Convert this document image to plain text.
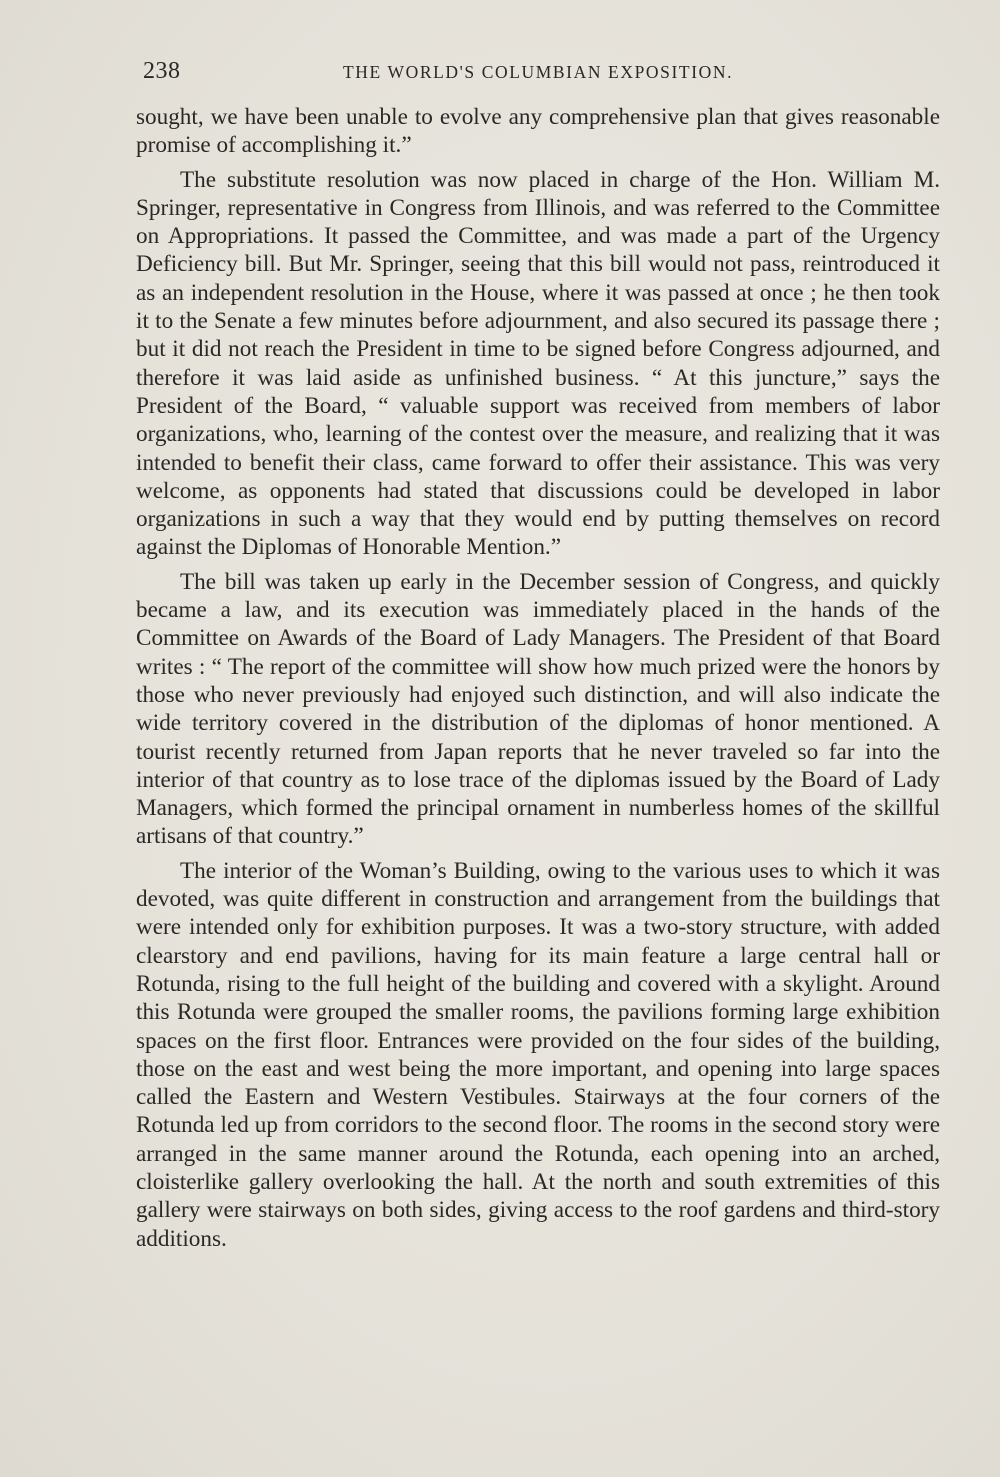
238	THE WORLD'S COLUMBIAN EXPOSITION.

sought, we have been unable to evolve any comprehensive plan that gives reasonable promise of accomplishing it.”

The substitute resolution was now placed in charge of the Hon. William M. Springer, representative in Congress from Illinois, and was referred to the Committee on Appropriations. It passed the Committee, and was made a part of the Urgency Deficiency bill. But Mr. Springer, seeing that this bill would not pass, reintroduced it as an independent resolution in the House, where it was passed at once ; he then took it to the Senate a few minutes before adjournment, and also secured its passage there ; but it did not reach the President in time to be signed before Congress adjourned, and therefore it was laid aside as unfinished business. “ At this juncture,” says the President of the Board, “ valuable support was received from members of labor organizations, who, learning of the contest over the measure, and realizing that it was intended to benefit their class, came forward to offer their assistance. This was very welcome, as opponents had stated that discussions could be developed in labor organizations in such a way that they would end by putting themselves on record against the Diplomas of Honorable Mention.”

The bill was taken up early in the December session of Congress, and quickly became a law, and its execution was immediately placed in the hands of the Committee on Awards of the Board of Lady Managers. The President of that Board writes : “ The report of the committee will show how much prized were the honors by those who never previously had enjoyed such distinction, and will also indicate the wide territory covered in the distribution of the diplomas of honor mentioned. A tourist recently returned from Japan reports that he never traveled so far into the interior of that country as to lose trace of the diplomas issued by the Board of Lady Managers, which formed the principal ornament in numberless homes of the skillful artisans of that country.”

The interior of the Woman’s Building, owing to the various uses to which it was devoted, was quite different in construction and arrangement from the buildings that were intended only for exhibition purposes. It was a two-story structure, with added clearstory and end pavilions, having for its main feature a large central hall or Rotunda, rising to the full height of the building and covered with a skylight. Around this Rotunda were grouped the smaller rooms, the pavilions forming large exhibition spaces on the first floor. Entrances were provided on the four sides of the building, those on the east and west being the more important, and opening into large spaces called the Eastern and Western Vestibules. Stairways at the four corners of the Rotunda led up from corridors to the second floor. The rooms in the second story were arranged in the same manner around the Rotunda, each opening into an arched, cloisterlike gallery overlooking the hall. At the north and south extremities of this gallery were stairways on both sides, giving access to the roof gardens and third-story additions.
